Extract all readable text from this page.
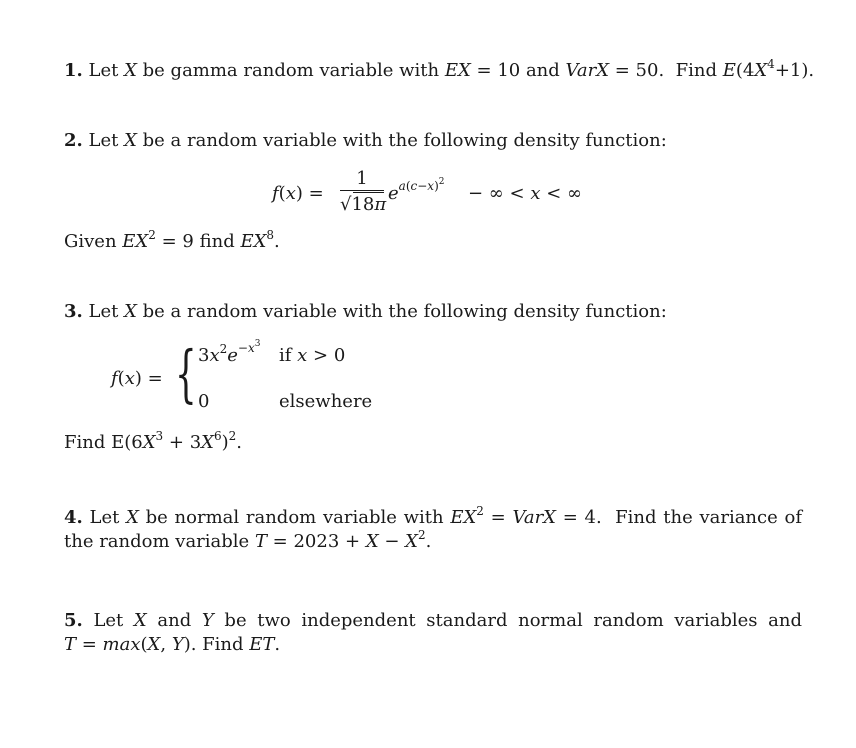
1. Let X be gamma random variable with EX = 10 and VarX = 50.  Find $E(4X^4+1)$.
2. Let X be a random variable with the following density function:
f(x) =
1
√18π
$e^{a(c-x)^2}$
− ∞ < x < ∞
Given $EX^2 = 9$ find $EX^8$.
3. Let X be a random variable with the following density function:
f(x) = { $3x^2e^{-x^3}$
if x > 0
0	elsewhere
Find $E(6X^3 + 3X^6)^2$.
4. Let X be normal random variable with $EX^2$ = VarX = 4.  Find the variance of
the random variable $T = 2023 + X - X^2$.
5. Let X and Y be two independent standard normal random variables and
T = max(X, Y). Find ET.
